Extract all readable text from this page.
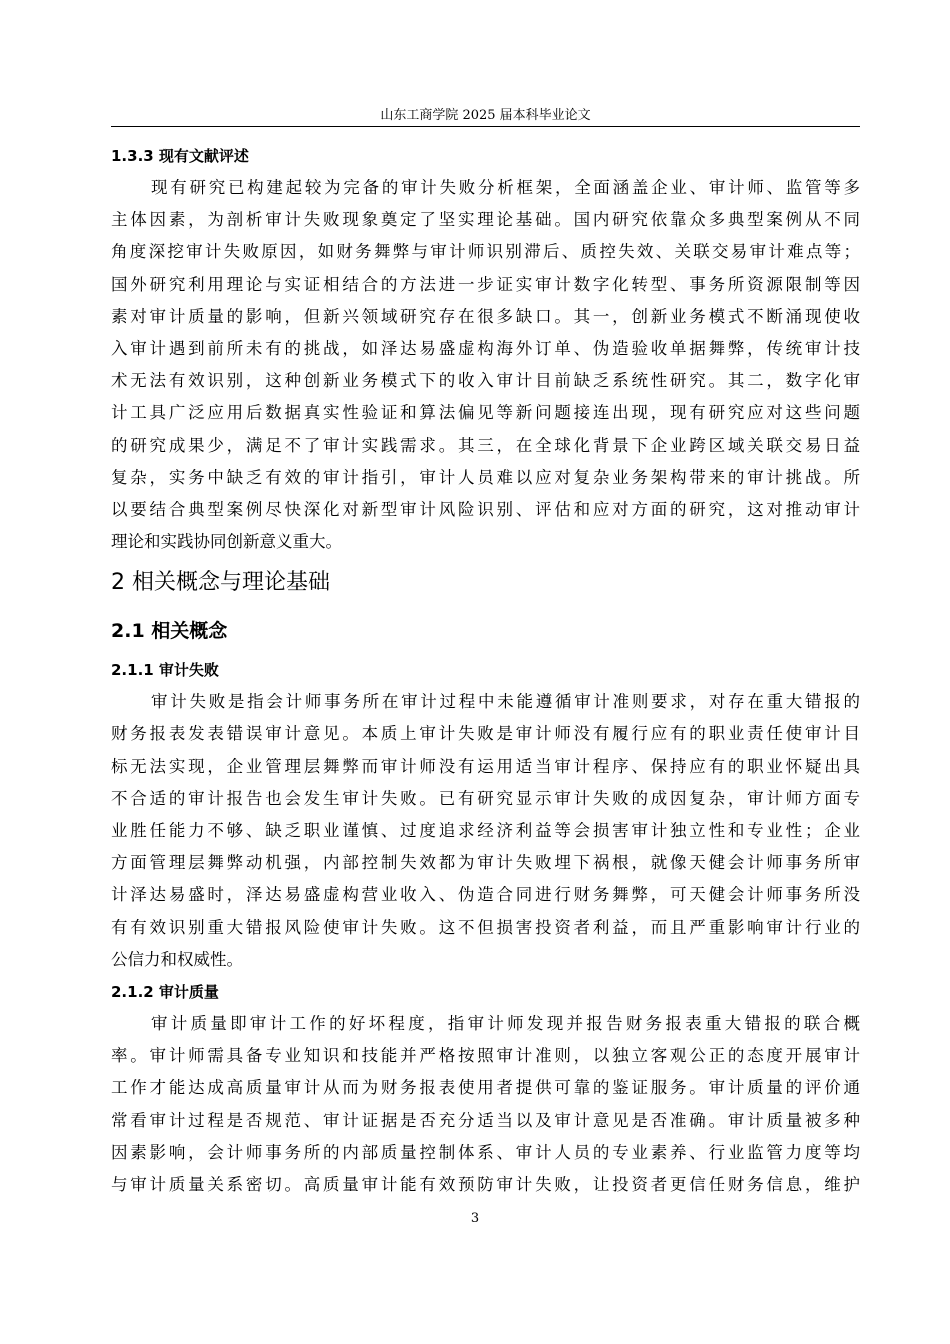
山东工商学院 2025 届本科毕业论文
1.3.3 现有文献评述
现有研究已构建起较为完备的审计失败分析框架，全面涵盖企业、审计师、监管等多
主体因素，为剖析审计失败现象奠定了坚实理论基础。国内研究依靠众多典型案例从不同
角度深挖审计失败原因，如财务舞弊与审计师识别滞后、质控失效、关联交易审计难点等；
国外研究利用理论与实证相结合的方法进一步证实审计数字化转型、事务所资源限制等因
素对审计质量的影响，但新兴领域研究存在很多缺口。其一，创新业务模式不断涌现使收
入审计遇到前所未有的挑战，如泽达易盛虚构海外订单、伪造验收单据舞弊，传统审计技
术无法有效识别，这种创新业务模式下的收入审计目前缺乏系统性研究。其二，数字化审
计工具广泛应用后数据真实性验证和算法偏见等新问题接连出现，现有研究应对这些问题
的研究成果少，满足不了审计实践需求。其三，在全球化背景下企业跨区域关联交易日益
复杂，实务中缺乏有效的审计指引，审计人员难以应对复杂业务架构带来的审计挑战。所
以要结合典型案例尽快深化对新型审计风险识别、评估和应对方面的研究，这对推动审计
理论和实践协同创新意义重大。
2 相关概念与理论基础
2.1 相关概念
2.1.1 审计失败
审计失败是指会计师事务所在审计过程中未能遵循审计准则要求，对存在重大错报的
财务报表发表错误审计意见。本质上审计失败是审计师没有履行应有的职业责任使审计目
标无法实现，企业管理层舞弊而审计师没有运用适当审计程序、保持应有的职业怀疑出具
不合适的审计报告也会发生审计失败。已有研究显示审计失败的成因复杂，审计师方面专
业胜任能力不够、缺乏职业谨慎、过度追求经济利益等会损害审计独立性和专业性；企业
方面管理层舞弊动机强，内部控制失效都为审计失败埋下祸根，就像天健会计师事务所审
计泽达易盛时，泽达易盛虚构营业收入、伪造合同进行财务舞弊，可天健会计师事务所没
有有效识别重大错报风险使审计失败。这不但损害投资者利益，而且严重影响审计行业的
公信力和权威性。
2.1.2 审计质量
审计质量即审计工作的好坏程度，指审计师发现并报告财务报表重大错报的联合概
率。审计师需具备专业知识和技能并严格按照审计准则，以独立客观公正的态度开展审计
工作才能达成高质量审计从而为财务报表使用者提供可靠的鉴证服务。审计质量的评价通
常看审计过程是否规范、审计证据是否充分适当以及审计意见是否准确。审计质量被多种
因素影响，会计师事务所的内部质量控制体系、审计人员的专业素养、行业监管力度等均
与审计质量关系密切。高质量审计能有效预防审计失败，让投资者更信任财务信息，维护
3
